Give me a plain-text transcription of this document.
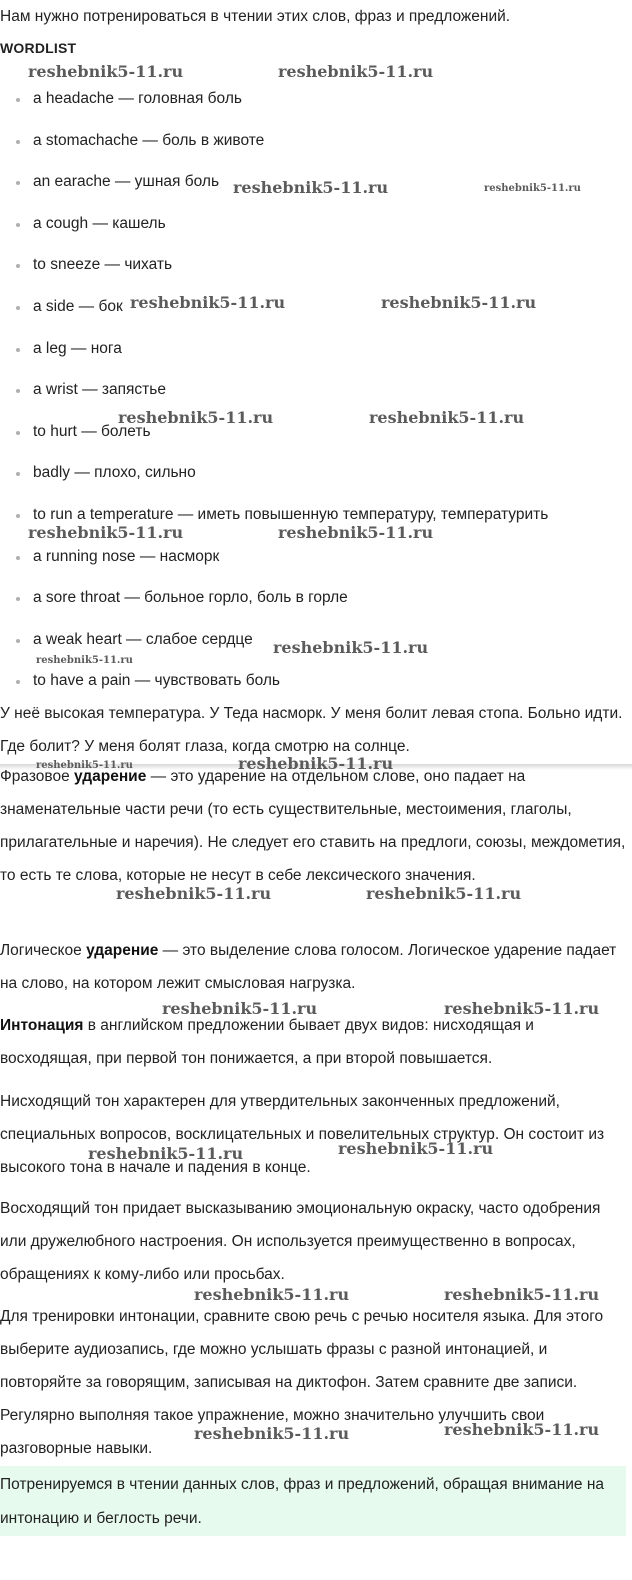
Нам нужно потренироваться в чтении этих слов, фраз и предложений.

WORDLIST

a headache — головная боль
a stomachache — боль в животе
an earache — ушная боль
a cough — кашель
to sneeze — чихать
a side — бок
a leg — нога
a wrist — запястье
to hurt — болеть
badly — плохо, сильно
to run a temperature — иметь повышенную температуру, температурить
a running nose — насморк
a sore throat — больное горло, боль в горле
a weak heart — слабое сердце
to have a pain — чувствовать боль

У неё высокая температура. У Теда насморк. У меня болит левая стопа. Больно идти. Где болит? У меня болят глаза, когда смотрю на солнце.

Фразовое ударение — это ударение на отдельном слове, оно падает на знаменательные части речи (то есть существительные, местоимения, глаголы, прилагательные и наречия). Не следует его ставить на предлоги, союзы, междометия, то есть те слова, которые не несут в себе лексического значения.

Логическое ударение — это выделение слова голосом. Логическое ударение падает на слово, на котором лежит смысловая нагрузка.

Интонация в английском предложении бывает двух видов: нисходящая и восходящая, при первой тон понижается, а при второй повышается.

Нисходящий тон характерен для утвердительных законченных предложений, специальных вопросов, восклицательных и повелительных структур. Он состоит из высокого тона в начале и падения в конце.

Восходящий тон придает высказыванию эмоциональную окраску, часто одобрения или дружелюбного настроения. Он используется преимущественно в вопросах, обращениях к кому-либо или просьбах.

Для тренировки интонации, сравните свою речь с речью носителя языка. Для этого выберите аудиозапись, где можно услышать фразы с разной интонацией, и повторяйте за говорящим, записывая на диктофон. Затем сравните две записи. Регулярно выполняя такое упражнение, можно значительно улучшить свои разговорные навыки.

Потренируемся в чтении данных слов, фраз и предложений, обращая внимание на интонацию и беглость речи.

reshebnik5-11.ru	reshebnik5-11.ru
reshebnik5-11.ru	reshebnik5-11.ru
reshebnik5-11.ru	reshebnik5-11.ru
reshebnik5-11.ru	reshebnik5-11.ru
reshebnik5-11.ru	reshebnik5-11.ru
reshebnik5-11.ru
reshebnik5-11.ru
reshebnik5-11.ru	reshebnik5-11.ru
reshebnik5-11.ru	reshebnik5-11.ru
reshebnik5-11.ru	reshebnik5-11.ru
reshebnik5-11.ru	reshebnik5-11.ru
reshebnik5-11.ru	reshebnik5-11.ru
reshebnik5-11.ru	reshebnik5-11.ru
